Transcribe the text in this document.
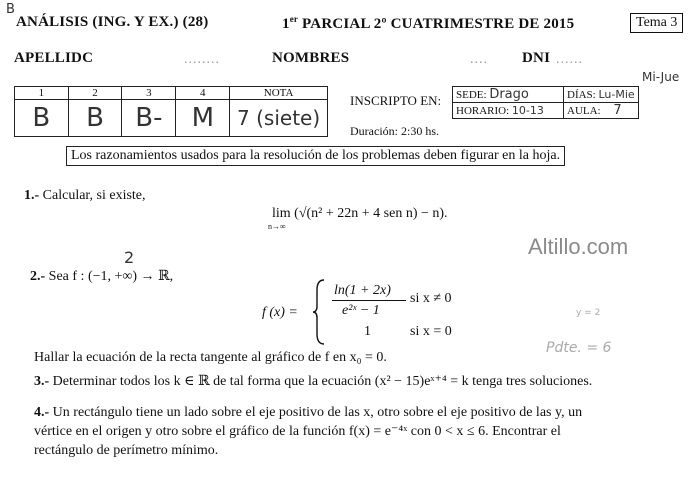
B
ANÁLISIS (ING. Y EX.) (28)	1er PARCIAL 2º CUATRIMESTRE DE 2015	Tema 3
APELLIDC	........	NOMBRES	.... DNI ......
1	2	3	4	NOTA
B	B	B-	M	7 (siete)
INSCRIPTO EN:
Mi-Jue
SEDE: Drago	DÍAS: Lu-Mie
HORARIO: 10-13	AULA: 7
Duración: 2:30 hs.
Los razonamientos usados para la resolución de los problemas deben figurar en la hoja.
1.- Calcular, si existe,
lim (√(n² + 22n + 4 sen n) − n).
n→∞
Altillo.com
2.- Sea f : (−1, +∞) → ℝ,
2
f (x) =
ln(1 + 2x)
e²ˣ − 1
si x ≠ 0
1	si x = 0
y = 2
Pdte. = 6
Hallar la ecuación de la recta tangente al gráfico de f en x₀ = 0.
3.- Determinar todos los k ∈ ℝ de tal forma que la ecuación (x² − 15)eˣ⁺⁴ = k tenga tres soluciones.
4.- Un rectángulo tiene un lado sobre el eje positivo de las x, otro sobre el eje positivo de las y, un
vértice en el origen y otro sobre el gráfico de la función f(x) = e⁻⁴ˣ con 0 < x ≤ 6. Encontrar el
rectángulo de perímetro mínimo.
